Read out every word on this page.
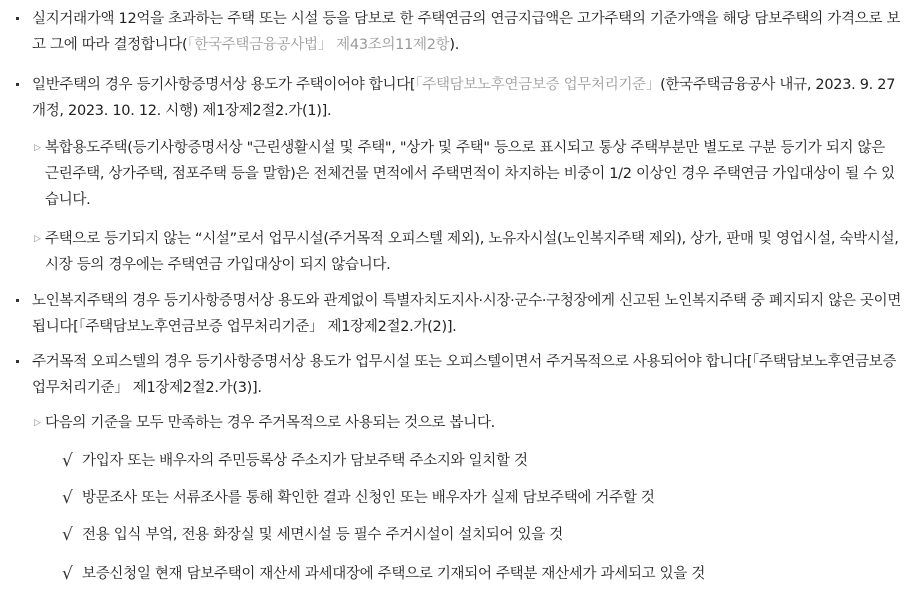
실지거래가액 12억을 초과하는 주택 또는 시설 등을 담보로 한 주택연금의 연금지급액은 고가주택의 기준가액을 해당 담보주택의 가격으로 보고 그에 따라 결정합니다(「한국주택금융공사법」 제43조의11제2항).
일반주택의 경우 등기사항증명서상 용도가 주택이어야 합니다[「주택담보노후연금보증 업무처리기준」(한국주택금융공사 내규, 2023. 9. 27 개정, 2023. 10. 12. 시행) 제1장제2절2.가(1)].
▷ 복합용도주택(등기사항증명서상 "근린생활시설 및 주택", "상가 및 주택" 등으로 표시되고 통상 주택부분만 별도로 구분 등기가 되지 않은 근린주택, 상가주택, 점포주택 등을 말함)은 전체건물 면적에서 주택면적이 차지하는 비중이 1/2 이상인 경우 주택연금 가입대상이 될 수 있습니다.
▷ 주택으로 등기되지 않는 “시설”로서 업무시설(주거목적 오피스텔 제외), 노유자시설(노인복지주택 제외), 상가, 판매 및 영업시설, 숙박시설, 시장 등의 경우에는 주택연금 가입대상이 되지 않습니다.
노인복지주택의 경우 등기사항증명서상 용도와 관계없이 특별자치도지사·시장·군수·구청장에게 신고된 노인복지주택 중 폐지되지 않은 곳이면 됩니다[「주택담보노후연금보증 업무처리기준」 제1장제2절2.가(2)].
주거목적 오피스텔의 경우 등기사항증명서상 용도가 업무시설 또는 오피스텔이면서 주거목적으로 사용되어야 합니다[「주택담보노후연금보증 업무처리기준」 제1장제2절2.가(3)].
▷ 다음의 기준을 모두 만족하는 경우 주거목적으로 사용되는 것으로 봅니다.
√ 가입자 또는 배우자의 주민등록상 주소지가 담보주택 주소지와 일치할 것
√ 방문조사 또는 서류조사를 통해 확인한 결과 신청인 또는 배우자가 실제 담보주택에 거주할 것
√ 전용 입식 부엌, 전용 화장실 및 세면시설 등 필수 주거시설이 설치되어 있을 것
√ 보증신청일 현재 담보주택이 재산세 과세대장에 주택으로 기재되어 주택분 재산세가 과세되고 있을 것
